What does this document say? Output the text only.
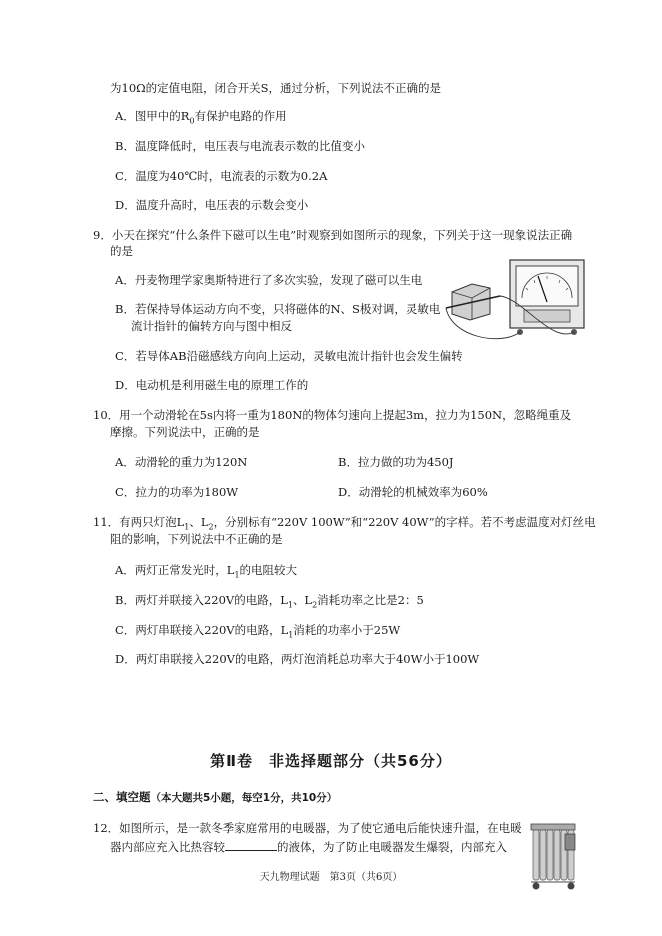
为10Ω的定值电阻，闭合开关S，通过分析，下列说法不正确的是
A．图甲中的$R_0$有保护电路的作用
B．温度降低时，电压表与电流表示数的比值变小
C．温度为40℃时，电流表的示数为0.2A
D．温度升高时，电压表的示数会变小
9．小天在探究“什么条件下磁可以生电”时观察到如图所示的现象，下列关于这一现象说法正确
的是
A．丹麦物理学家奥斯特进行了多次实验，发现了磁可以生电
B．若保持导体运动方向不变，只将磁体的N、S极对调，灵敏电
流计指针的偏转方向与图中相反
C．若导体AB沿磁感线方向向上运动，灵敏电流计指针也会发生偏转
D．电动机是利用磁生电的原理工作的
10．用一个动滑轮在5s内将一重为180N的物体匀速向上提起3m，拉力为150N，忽略绳重及
摩擦。下列说法中，正确的是
A．动滑轮的重力为120N	B．拉力做的功为450J
C．拉力的功率为180W	D．动滑轮的机械效率为60%
11．有两只灯泡$L_1$、$L_2$，分别标有“220V 100W”和“220V 40W”的字样。若不考虑温度对灯丝电
阻的影响，下列说法中不正确的是
A．两灯正常发光时，$L_1$的电阻较大
B．两灯并联接入220V的电路，$L_1$、$L_2$消耗功率之比是2：5
C．两灯串联接入220V的电路，$L_1$消耗的功率小于25W
D．两灯串联接入220V的电路，两灯泡消耗总功率大于40W小于100W
第Ⅱ卷　非选择题部分（共56分）
二、填空题（本大题共5小题，每空1分，共10分）
12．如图所示，是一款冬季家庭常用的电暖器，为了使它通电后能快速升温，在电暖
器内部应充入比热容较	的液体，为了防止电暖器发生爆裂，内部充入
天九物理试题　第3页（共6页）
